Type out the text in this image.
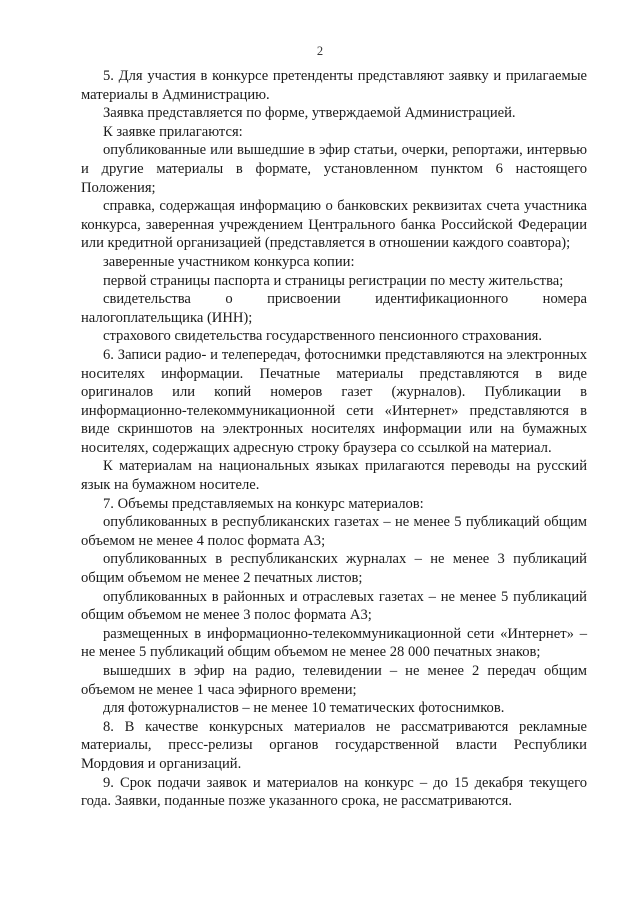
2

5. Для участия в конкурсе претенденты представляют заявку и прилагаемые материалы в Администрацию.

Заявка представляется по форме, утверждаемой Администрацией.

К заявке прилагаются:

опубликованные или вышедшие в эфир статьи, очерки, репортажи, интервью и другие материалы в формате, установленном пунктом 6 настоящего Положения;

справка, содержащая информацию о банковских реквизитах счета участника конкурса, заверенная учреждением Центрального банка Российской Федерации или кредитной организацией (представляется в отношении каждого соавтора);

заверенные участником конкурса копии:

первой страницы паспорта и страницы регистрации по месту жительства;

свидетельства о присвоении идентификационного номера налогоплательщика (ИНН);

страхового свидетельства государственного пенсионного страхования.

6. Записи радио- и телепередач, фотоснимки представляются на электронных носителях информации. Печатные материалы представляются в виде оригиналов или копий номеров газет (журналов). Публикации в информационно-телекоммуникационной сети «Интернет» представляются в виде скриншотов на электронных носителях информации или на бумажных носителях, содержащих адресную строку браузера со ссылкой на материал.

К материалам на национальных языках прилагаются переводы на русский язык на бумажном носителе.

7. Объемы представляемых на конкурс материалов:

опубликованных в республиканских газетах – не менее 5 публикаций общим объемом не менее 4 полос формата А3;

опубликованных в республиканских журналах – не менее 3 публикаций общим объемом не менее 2 печатных листов;

опубликованных в районных и отраслевых газетах – не менее 5 публикаций общим объемом не менее 3 полос формата А3;

размещенных в информационно-телекоммуникационной сети «Интернет» – не менее 5 публикаций общим объемом не менее 28 000 печатных знаков;

вышедших в эфир на радио, телевидении – не менее 2 передач общим объемом не менее 1 часа эфирного времени;

для фотожурналистов – не менее 10 тематических фотоснимков.

8. В качестве конкурсных материалов не рассматриваются рекламные материалы, пресс-релизы органов государственной власти Республики Мордовия и организаций.

9. Срок подачи заявок и материалов на конкурс – до 15 декабря текущего года. Заявки, поданные позже указанного срока, не рассматриваются.
